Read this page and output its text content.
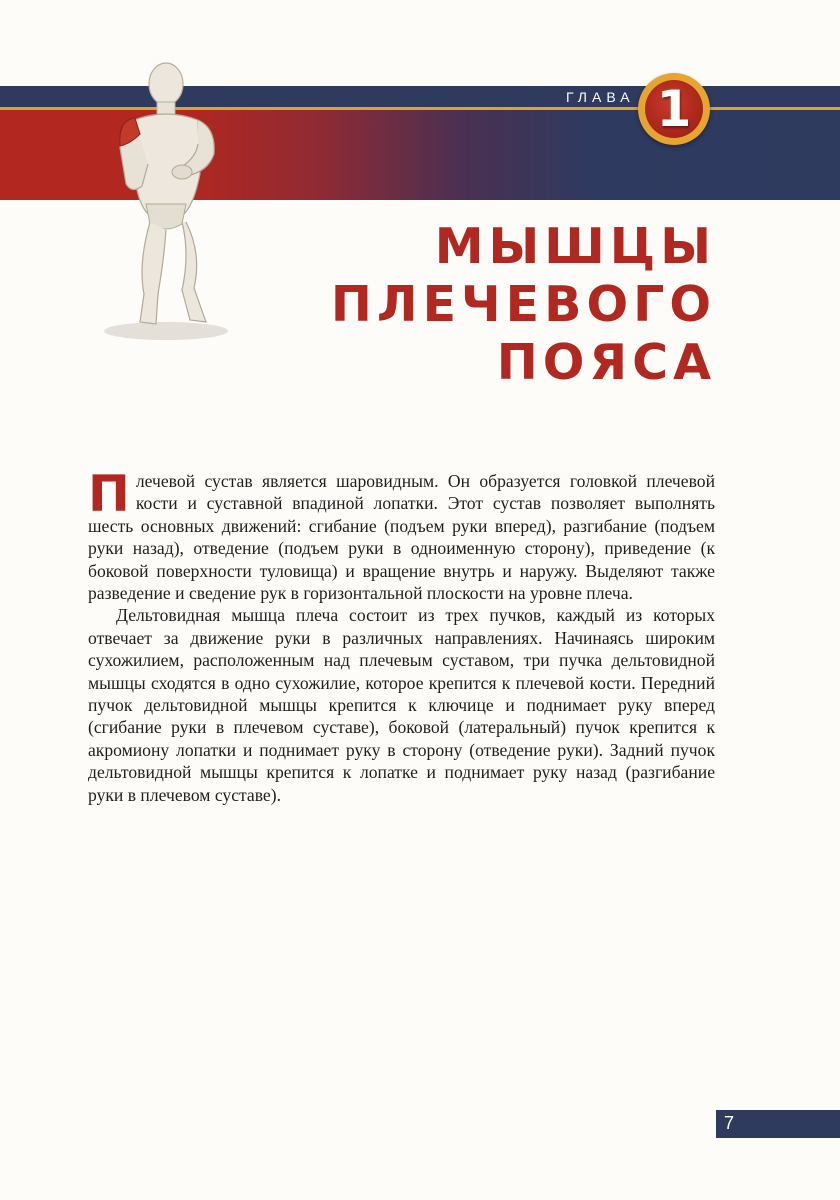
ГЛАВА 1
МЫШЦЫ
ПЛЕЧЕВОГО
ПОЯСА

Плечевой сустав является шаровидным. Он образуется головкой плечевой кости и суставной впадиной лопатки. Этот сустав позволяет выполнять шесть основных движений: сгибание (подъем руки вперед), разгибание (подъем руки назад), отведение (подъем руки в одноименную сторону), приведение (к боковой поверхности туловища) и вращение внутрь и наружу. Выделяют также разведение и сведение рук в горизонтальной плоскости на уровне плеча.

Дельтовидная мышца плеча состоит из трех пучков, каждый из которых отвечает за движение руки в различных направлениях. Начинаясь широким сухожилием, расположенным над плечевым суставом, три пучка дельтовидной мышцы сходятся в одно сухожилие, которое крепится к плечевой кости. Передний пучок дельтовидной мышцы крепится к ключице и поднимает руку вперед (сгибание руки в плечевом суставе), боковой (латеральный) пучок крепится к акромиону лопатки и поднимает руку в сторону (отведение руки). Задний пучок дельтовидной мышцы крепится к лопатке и поднимает руку назад (разгибание руки в плечевом суставе).

7
